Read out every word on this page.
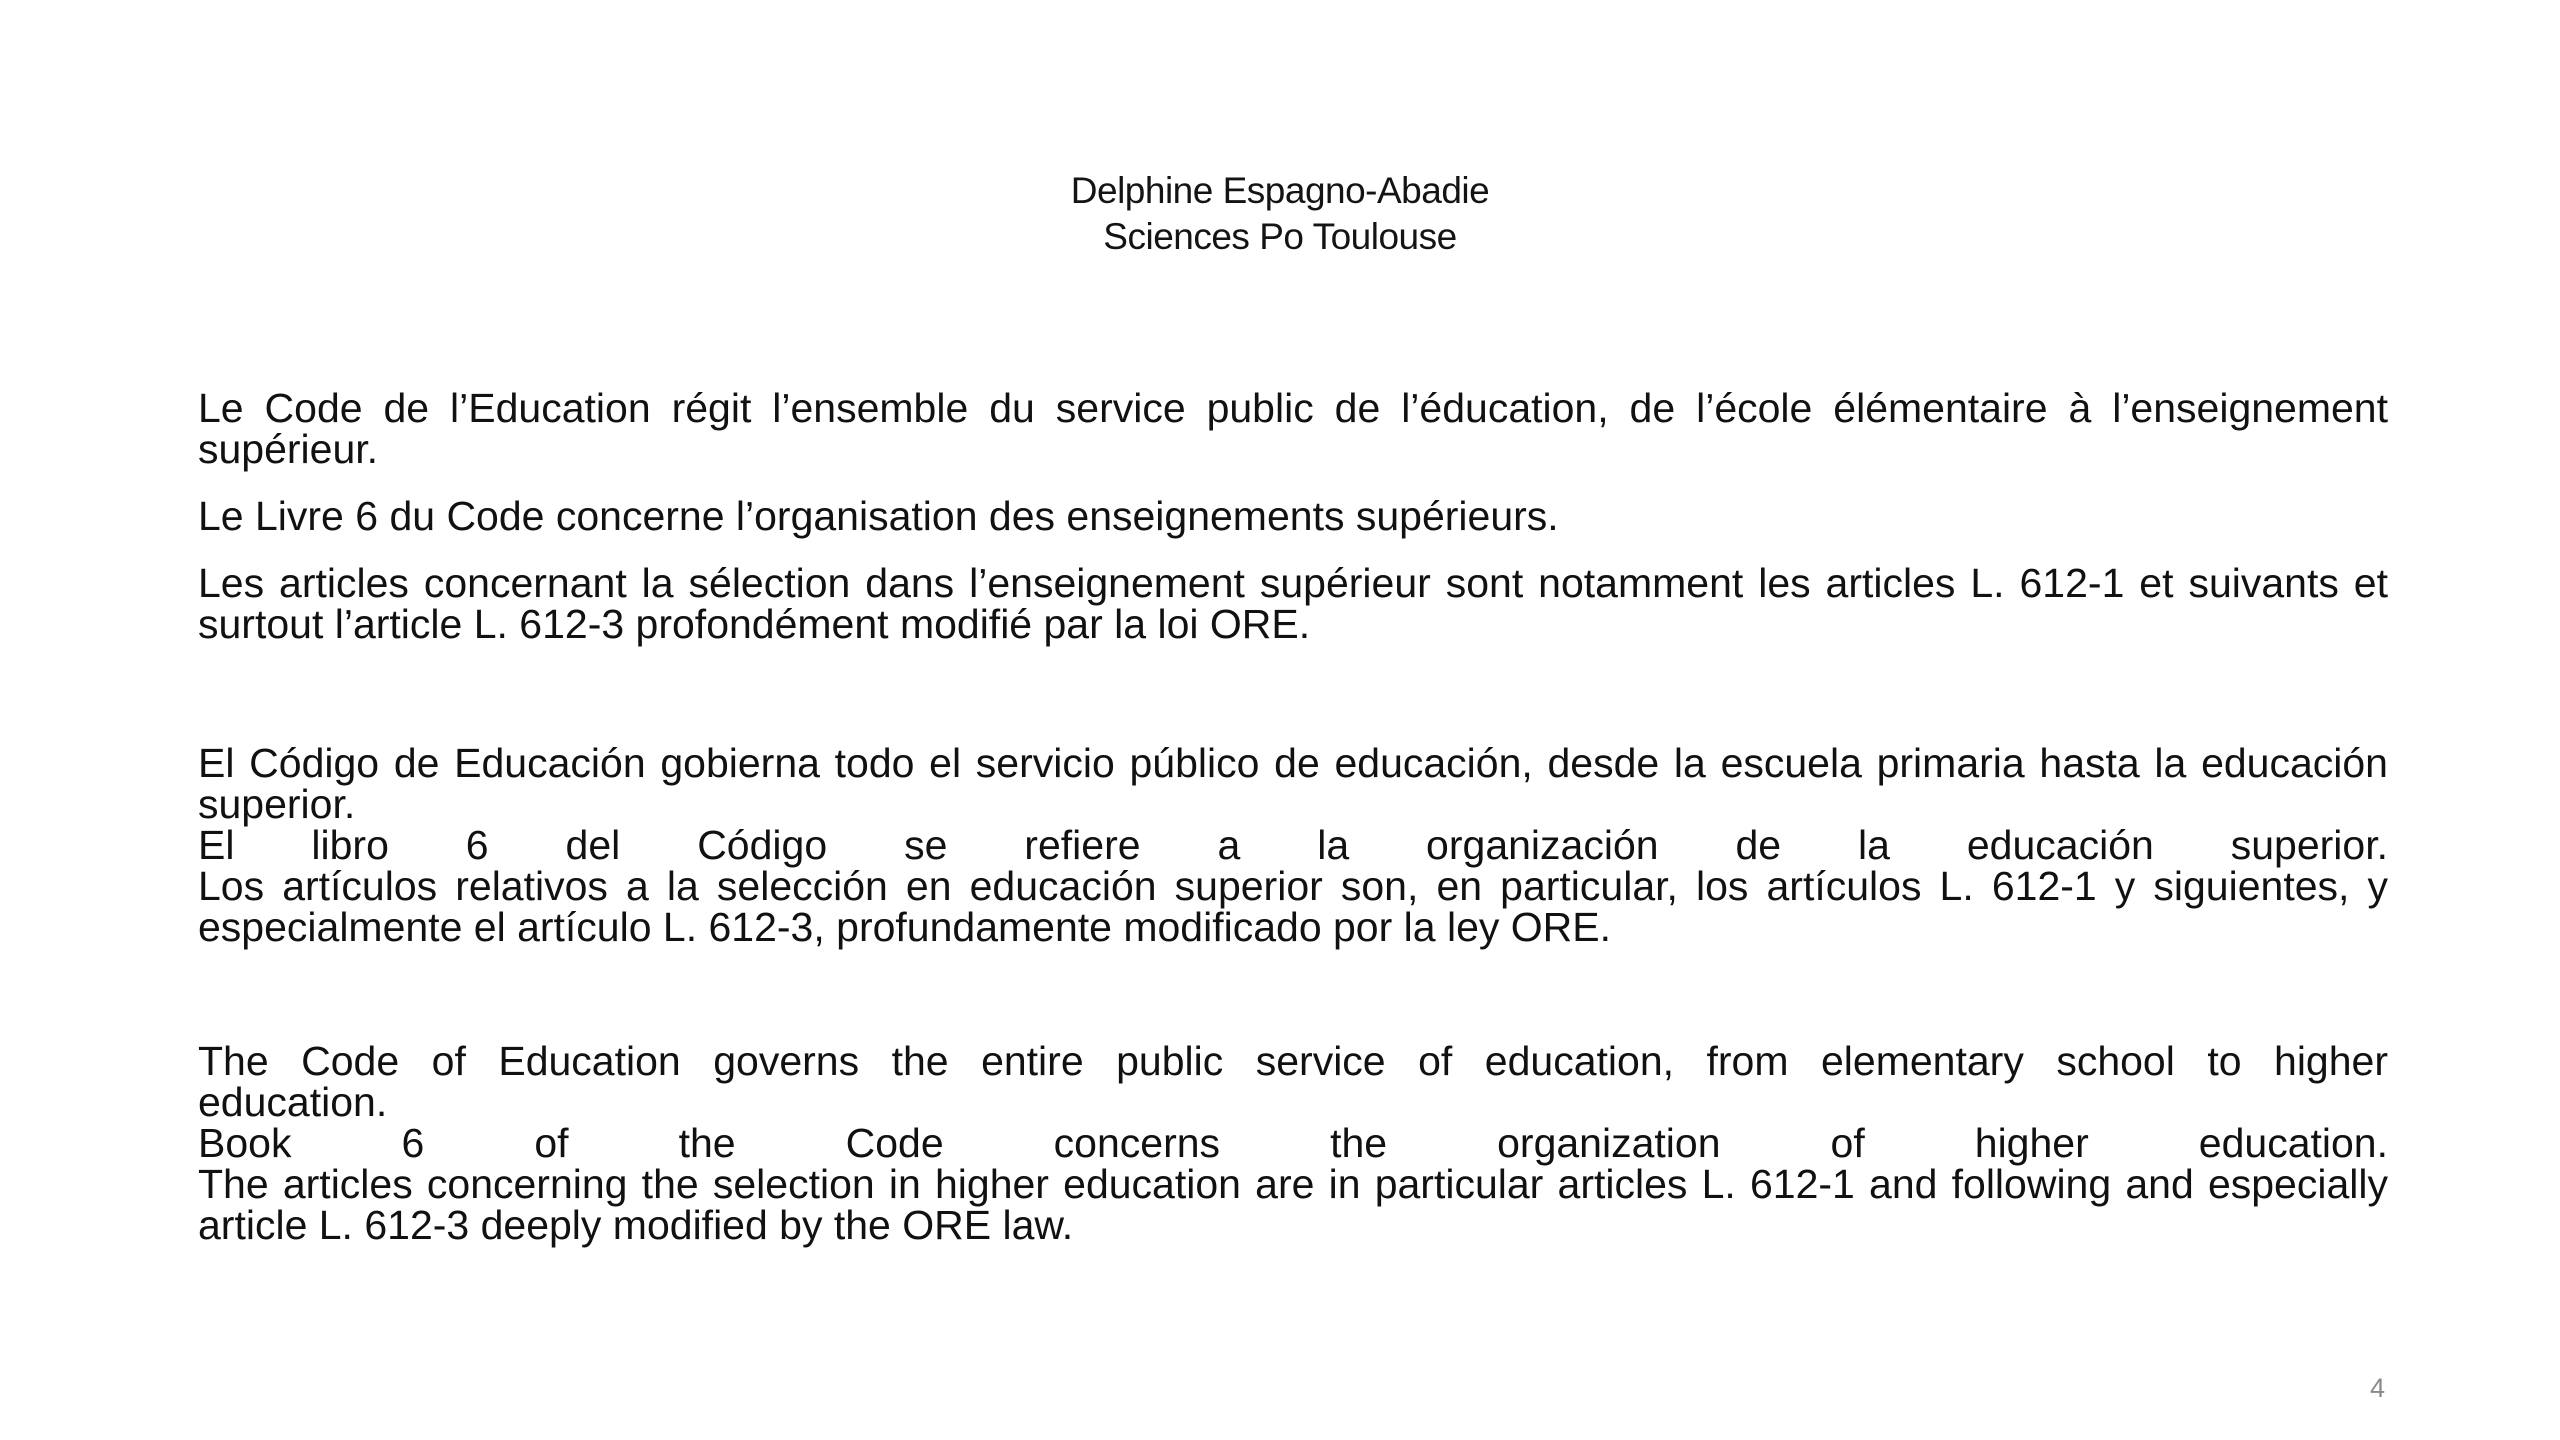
Delphine Espagno-Abadie
Sciences Po Toulouse

Le Code de l’Education régit l’ensemble du service public de l’éducation, de l’école élémentaire à l’enseignement supérieur.

Le Livre 6 du Code concerne l’organisation des enseignements supérieurs.

Les articles concernant la sélection dans l’enseignement supérieur sont notamment les articles L. 612-1 et suivants et surtout l’article L. 612-3 profondément modifié par la loi ORE.

El Código de Educación gobierna todo el servicio público de educación, desde la escuela primaria hasta la educación superior.

El libro 6 del Código se refiere a la organización de la educación superior.

Los artículos relativos a la selección en educación superior son, en particular, los artículos L. 612-1 y siguientes, y especialmente el artículo L. 612-3, profundamente modificado por la ley ORE.

The Code of Education governs the entire public service of education, from elementary school to higher

education.

Book 6 of the Code concerns the organization of higher education.

The articles concerning the selection in higher education are in particular articles L. 612-1 and following and especially article L. 612-3 deeply modified by the ORE law.

4
